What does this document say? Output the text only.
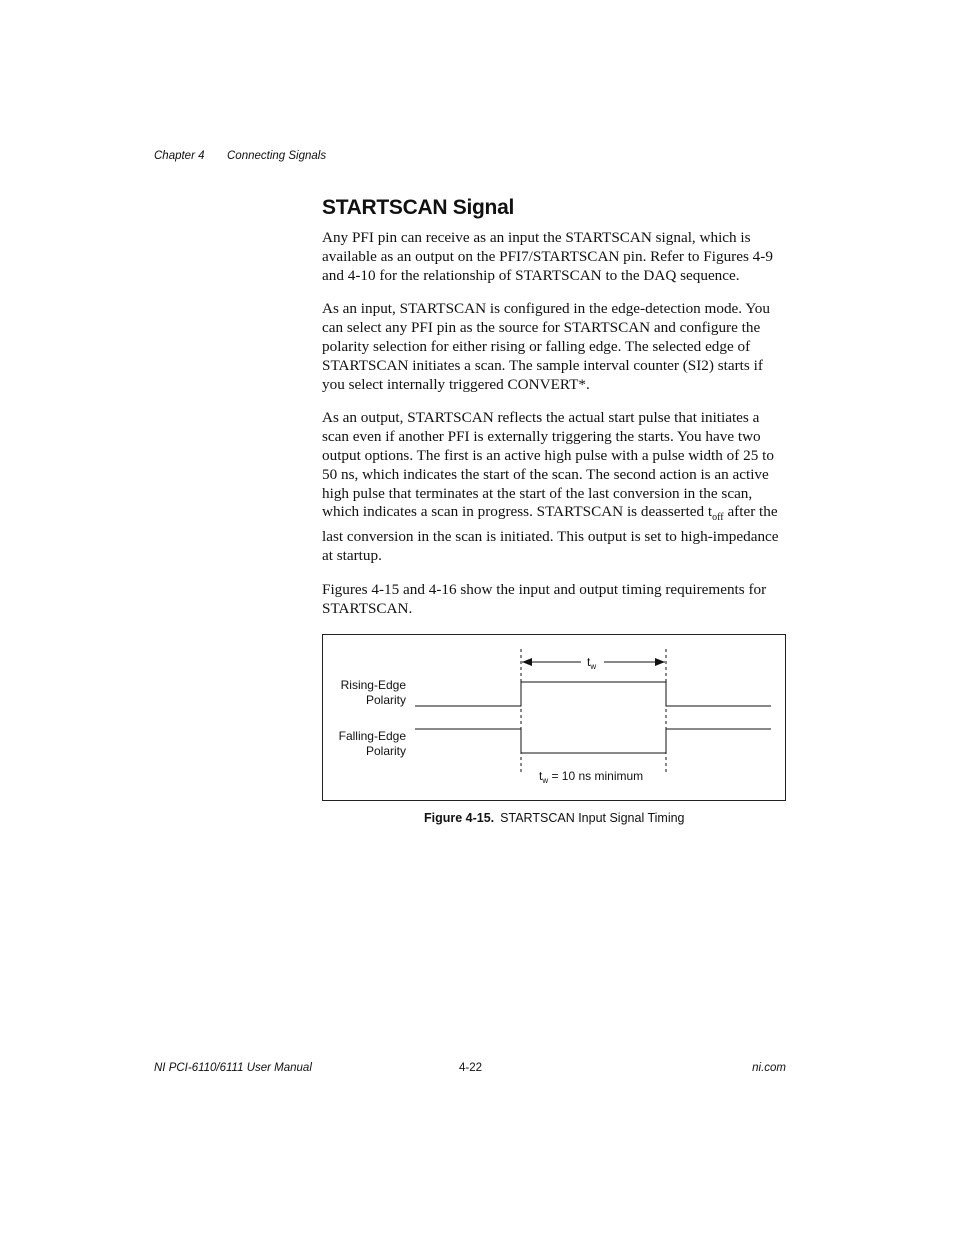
Chapter 4 Connecting Signals
STARTSCAN Signal

Any PFI pin can receive as an input the STARTSCAN signal, which is available as an output on the PFI7/STARTSCAN pin. Refer to Figures 4-9 and 4-10 for the relationship of STARTSCAN to the DAQ sequence.

As an input, STARTSCAN is configured in the edge-detection mode. You can select any PFI pin as the source for STARTSCAN and configure the polarity selection for either rising or falling edge. The selected edge of STARTSCAN initiates a scan. The sample interval counter (SI2) starts if you select internally triggered CONVERT*.

As an output, STARTSCAN reflects the actual start pulse that initiates a scan even if another PFI is externally triggering the starts. You have two output options. The first is an active high pulse with a pulse width of 25 to 50 ns, which indicates the start of the scan. The second action is an active high pulse that terminates at the start of the last conversion in the scan, which indicates a scan in progress. STARTSCAN is deasserted $t_{off}$ after the last conversion in the scan is initiated. This output is set to high-impedance at startup.

Figures 4-15 and 4-16 show the input and output timing requirements for STARTSCAN.

$t_w$
Rising-Edge
Polarity
Falling-Edge
Polarity
$t_w = 10$ ns minimum
Figure 4-15. STARTSCAN Input Signal Timing
NI PCI-6110/6111 User Manual	4-22	ni.com
